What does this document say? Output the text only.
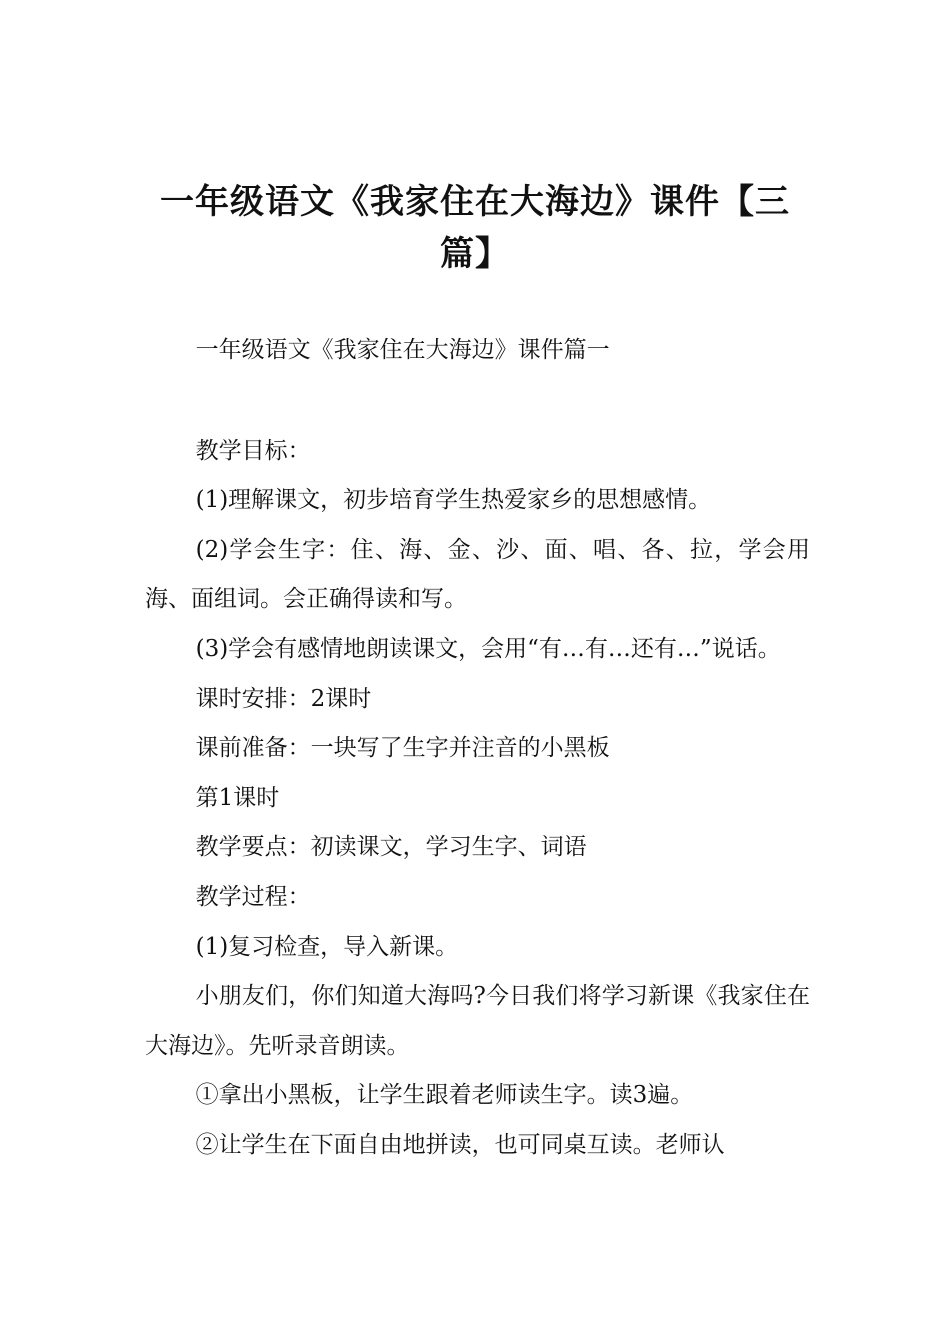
一年级语文《我家住在大海边》课件【三篇】

一年级语文《我家住在大海边》课件篇一

教学目标：

(1)理解课文，初步培育学生热爱家乡的思想感情。

(2)学会生字：住、海、金、沙、面、唱、各、拉，学会用海、面组词。会正确得读和写。

(3)学会有感情地朗读课文，会用“有…有…还有…”说话。

课时安排：2课时

课前准备：一块写了生字并注音的小黑板

第1课时

教学要点：初读课文，学习生字、词语

教学过程：

(1)复习检查，导入新课。

小朋友们，你们知道大海吗?今日我们将学习新课《我家住在大海边》。先听录音朗读。

①拿出小黑板，让学生跟着老师读生字。读3遍。

②让学生在下面自由地拼读，也可同桌互读。老师认
